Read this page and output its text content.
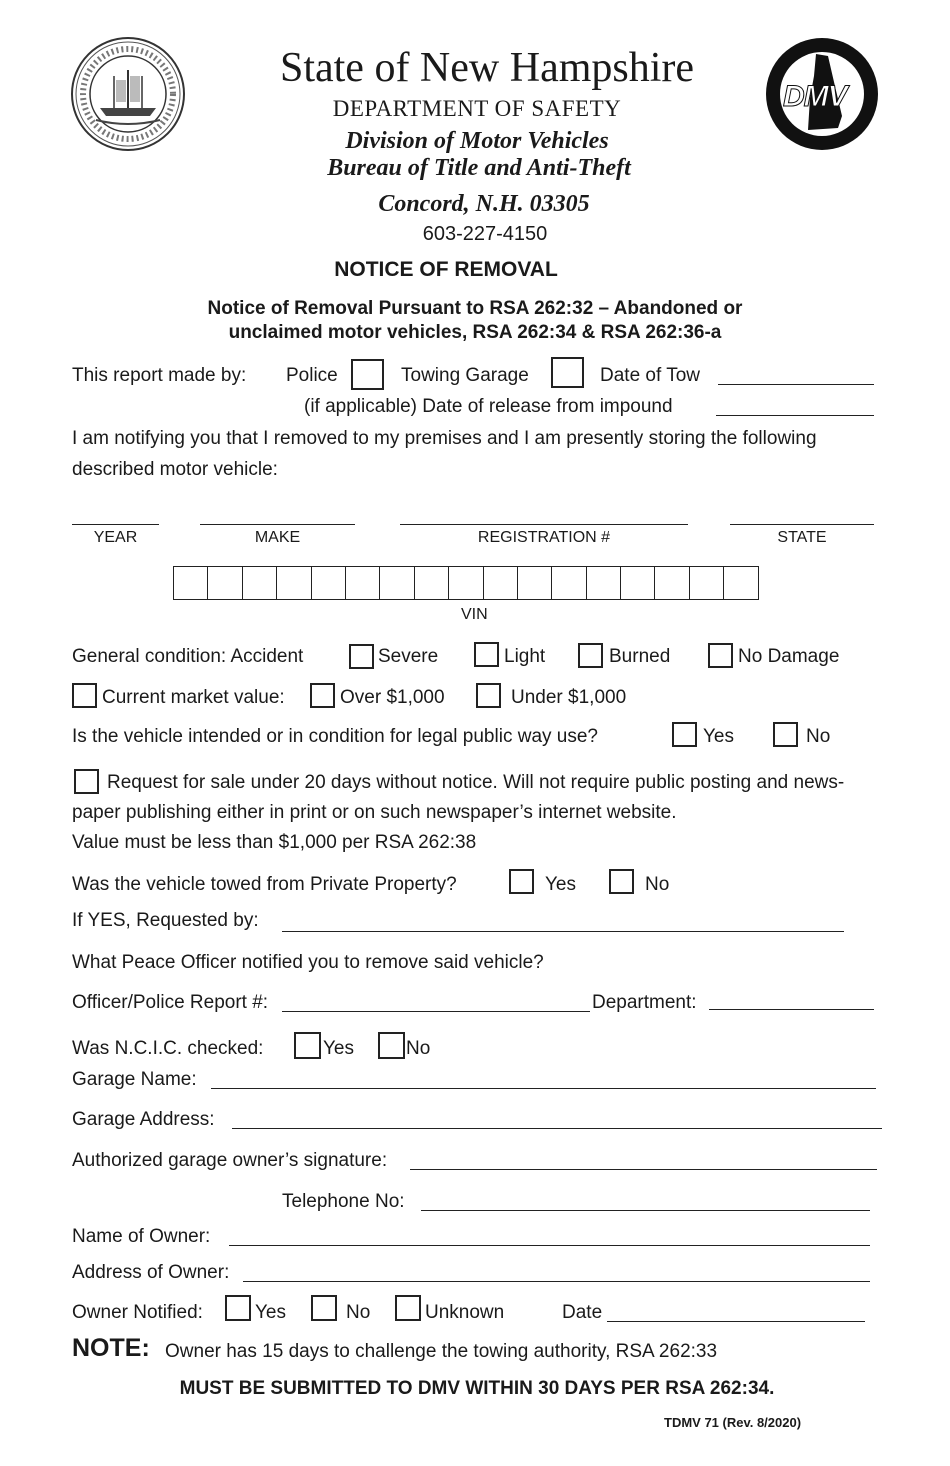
DMV
State of New Hampshire
DEPARTMENT OF SAFETY
Division of Motor Vehicles
Bureau of Title and Anti-Theft
Concord, N.H. 03305
603-227-4150
NOTICE OF REMOVAL
Notice of Removal Pursuant to RSA 262:32 – Abandoned or
unclaimed motor vehicles, RSA 262:34 & RSA 262:36-a
This report made by: Police	Towing Garage	Date of Tow
(if applicable) Date of release from impound
I am notifying you that I removed to my premises and I am presently storing the following
described motor vehicle:
YEAR	MAKE	REGISTRATION #	STATE
VIN
General condition: Accident	Severe	Light	Burned	No Damage
Current market value:	Over $1,000	Under $1,000
Is the vehicle intended or in condition for legal public way use?	Yes	No
Request for sale under 20 days without notice. Will not require public posting and news-
paper publishing either in print or on such newspaper’s internet website.
Value must be less than $1,000 per RSA 262:38
Was the vehicle towed from Private Property?	Yes	No
If YES, Requested by:
What Peace Officer notified you to remove said vehicle?
Officer/Police Report #:	Department:
Was N.C.I.C. checked:	Yes	No
Garage Name:
Garage Address:
Authorized garage owner’s signature:
Telephone No:
Name of Owner:
Address of Owner:
Owner Notified:	Yes	No	Unknown	Date
NOTE: Owner has 15 days to challenge the towing authority, RSA 262:33
MUST BE SUBMITTED TO DMV WITHIN 30 DAYS PER RSA 262:34.
TDMV 71 (Rev. 8/2020)
